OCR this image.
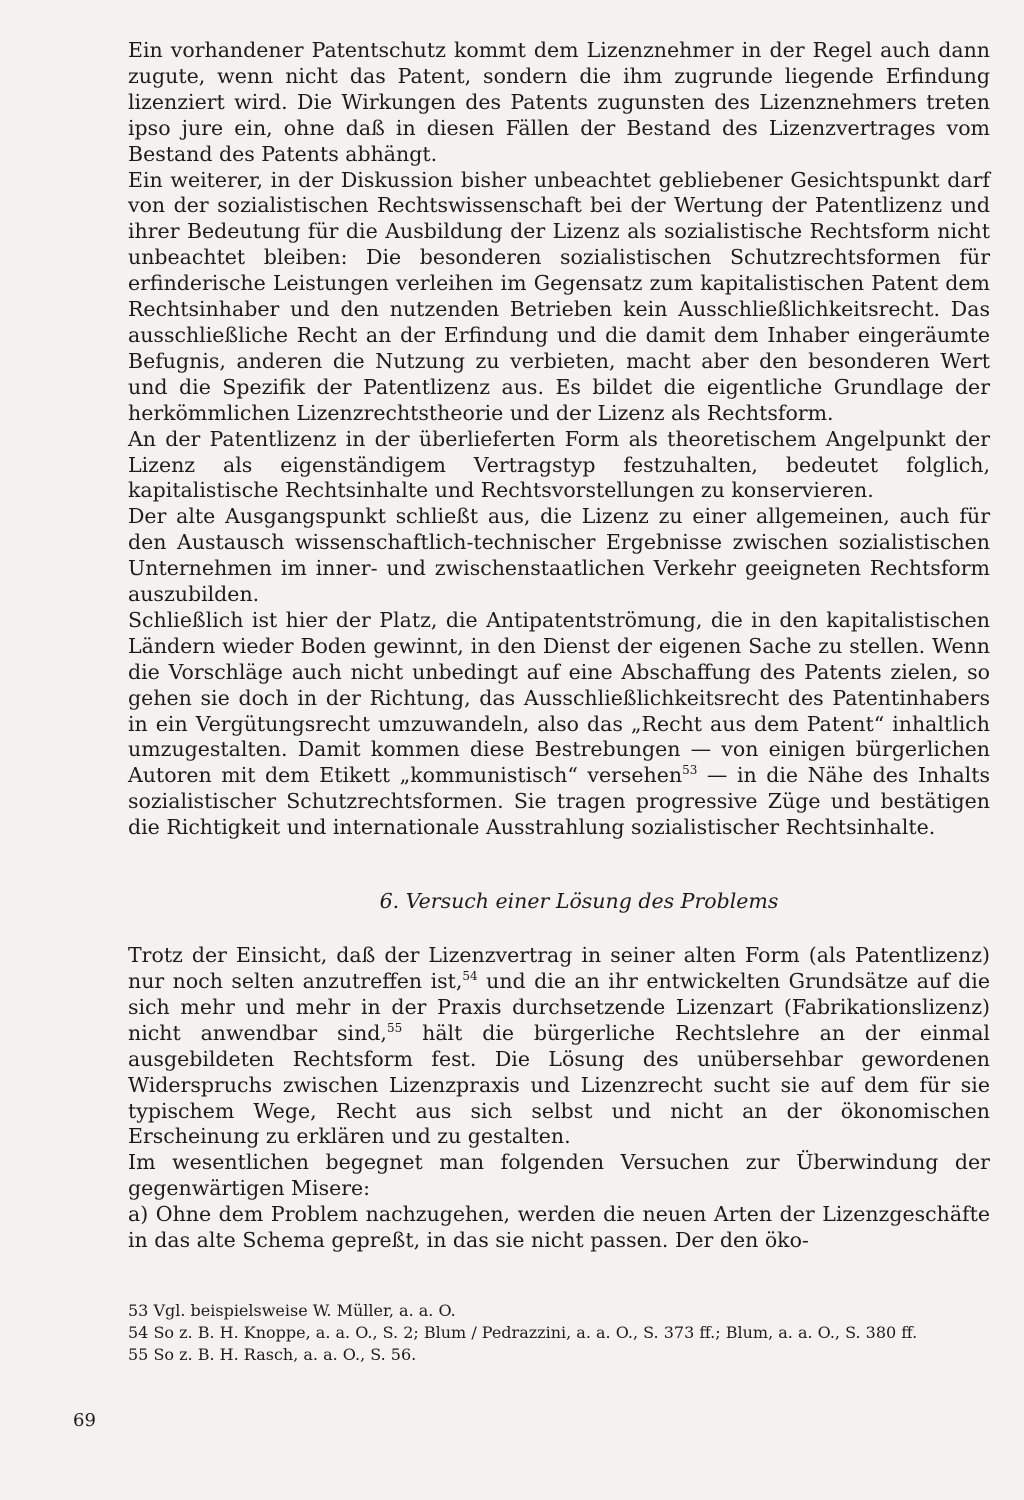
Ein vorhandener Patentschutz kommt dem Lizenznehmer in der Regel auch dann zugute, wenn nicht das Patent, sondern die ihm zugrunde liegende Erfindung lizenziert wird. Die Wirkungen des Patents zugunsten des Lizenznehmers treten ipso jure ein, ohne daß in diesen Fällen der Bestand des Lizenzvertrages vom Bestand des Patents abhängt.

Ein weiterer, in der Diskussion bisher unbeachtet gebliebener Gesichtspunkt darf von der sozialistischen Rechtswissenschaft bei der Wertung der Patentlizenz und ihrer Bedeutung für die Ausbildung der Lizenz als sozialistische Rechtsform nicht unbeachtet bleiben: Die besonderen sozialistischen Schutzrechtsformen für erfinderische Leistungen verleihen im Gegensatz zum kapitalistischen Patent dem Rechtsinhaber und den nutzenden Betrieben kein Ausschließlichkeitsrecht. Das ausschließliche Recht an der Erfindung und die damit dem Inhaber eingeräumte Befugnis, anderen die Nutzung zu verbieten, macht aber den besonderen Wert und die Spezifik der Patentlizenz aus. Es bildet die eigentliche Grundlage der herkömmlichen Lizenzrechtstheorie und der Lizenz als Rechtsform.

An der Patentlizenz in der überlieferten Form als theoretischem Angelpunkt der Lizenz als eigenständigem Vertragstyp festzuhalten, bedeutet folglich, kapitalistische Rechtsinhalte und Rechtsvorstellungen zu konservieren.

Der alte Ausgangspunkt schließt aus, die Lizenz zu einer allgemeinen, auch für den Austausch wissenschaftlich-technischer Ergebnisse zwischen sozialistischen Unternehmen im inner- und zwischenstaatlichen Verkehr geeigneten Rechtsform auszubilden.

Schließlich ist hier der Platz, die Antipatentströmung, die in den kapitalistischen Ländern wieder Boden gewinnt, in den Dienst der eigenen Sache zu stellen. Wenn die Vorschläge auch nicht unbedingt auf eine Abschaffung des Patents zielen, so gehen sie doch in der Richtung, das Ausschließlichkeitsrecht des Patentinhabers in ein Vergütungsrecht umzuwandeln, also das „Recht aus dem Patent“ inhaltlich umzugestalten. Damit kommen diese Bestrebungen — von einigen bürgerlichen Autoren mit dem Etikett „kommunistisch“ versehen$^{53}$ — in die Nähe des Inhalts sozialistischer Schutzrechtsformen. Sie tragen progressive Züge und bestätigen die Richtigkeit und internationale Ausstrahlung sozialistischer Rechtsinhalte.

6. Versuch einer Lösung des Problems

Trotz der Einsicht, daß der Lizenzvertrag in seiner alten Form (als Patentlizenz) nur noch selten anzutreffen ist,$^{54}$ und die an ihr entwickelten Grundsätze auf die sich mehr und mehr in der Praxis durchsetzende Lizenzart (Fabrikationslizenz) nicht anwendbar sind,$^{55}$ hält die bürgerliche Rechtslehre an der einmal ausgebildeten Rechtsform fest. Die Lösung des unübersehbar gewordenen Widerspruchs zwischen Lizenzpraxis und Lizenzrecht sucht sie auf dem für sie typischem Wege, Recht aus sich selbst und nicht an der ökonomischen Erscheinung zu erklären und zu gestalten.

Im wesentlichen begegnet man folgenden Versuchen zur Überwindung der gegenwärtigen Misere:

a) Ohne dem Problem nachzugehen, werden die neuen Arten der Lizenzgeschäfte in das alte Schema gepreßt, in das sie nicht passen. Der den öko-

53 Vgl. beispielsweise W. Müller, a. a. O.

54 So z. B. H. Knoppe, a. a. O., S. 2; Blum / Pedrazzini, a. a. O., S. 373 ff.; Blum, a. a. O., S. 380 ff.

55 So z. B. H. Rasch, a. a. O., S. 56.

69
